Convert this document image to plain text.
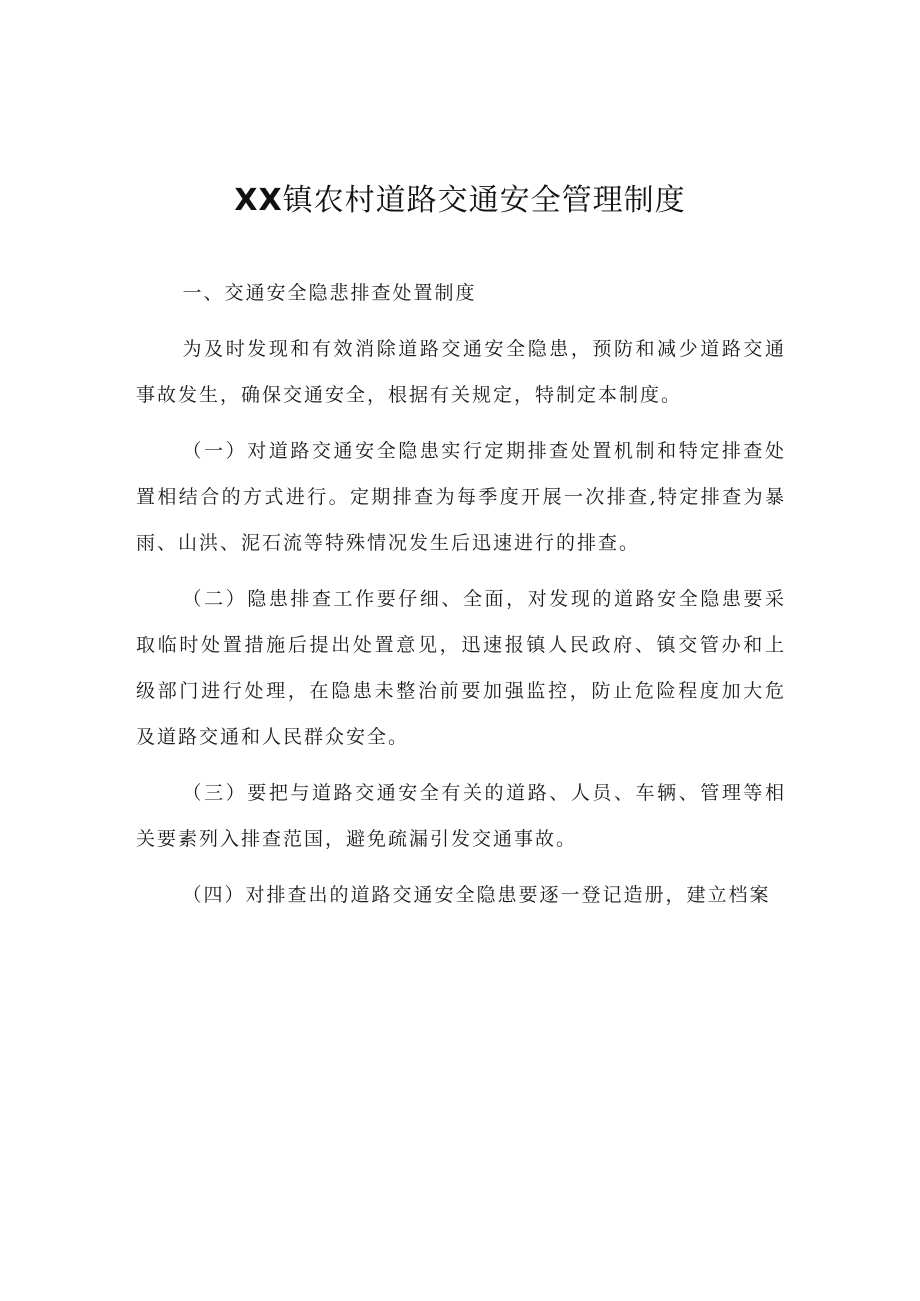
XX镇农村道路交通安全管理制度

一、交通安全隐悲排查处置制度

为及时发现和有效消除道路交通安全隐患，预防和减少道路交通事故发生，确保交通安全，根据有关规定，特制定本制度。

（一）对道路交通安全隐患实行定期排查处置机制和特定排查处置相结合的方式进行。定期排查为每季度开展一次排查,特定排查为暴雨、山洪、泥石流等特殊情况发生后迅速进行的排查。

（二）隐患排查工作要仔细、全面，对发现的道路安全隐患要采取临时处置措施后提出处置意见，迅速报镇人民政府、镇交管办和上级部门进行处理，在隐患未整治前要加强监控，防止危险程度加大危及道路交通和人民群众安全。

（三）要把与道路交通安全有关的道路、人员、车辆、管理等相关要素列入排查范国，避免疏漏引发交通事故。

（四）对排查出的道路交通安全隐患要逐一登记造册，建立档案
